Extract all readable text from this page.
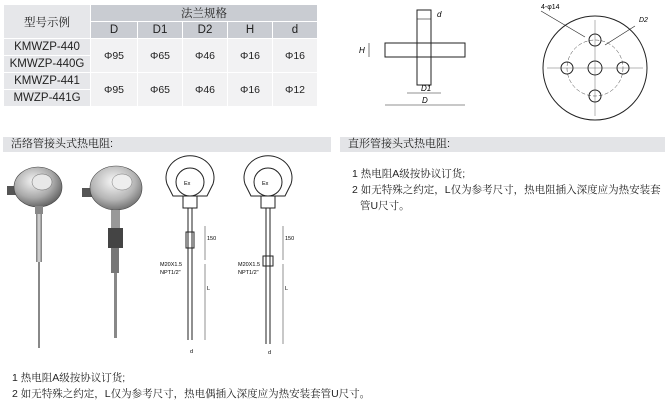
型号示例	法兰规格				
	D	D1	D2	H	d
KMWZP-440	Φ95	Φ65	Φ46	Φ16	Φ16
KMWZP-440G					
KMWZP-441	Φ95	Φ65	Φ46	Φ16	Φ12
MWZP-441G					
d
H
D1
D
4-φ14
D2
活络管接头式热电阻:	直形管接头式热电阻:
Ex
150
M20X1.5
NPT1/2"
L
d
Ex
150
M20X1.5
NPT1/2"
L
d
1 热电阻A级按协议订货;
2 如无特殊之约定，L仅为参考尺寸，热电偶插入深度应为热安装套管U尺寸。
1 热电阻A级按协议订货;
2 如无特殊之约定，L仅为参考尺寸，热电阻插入深度应为热安装套
管U尺寸。
